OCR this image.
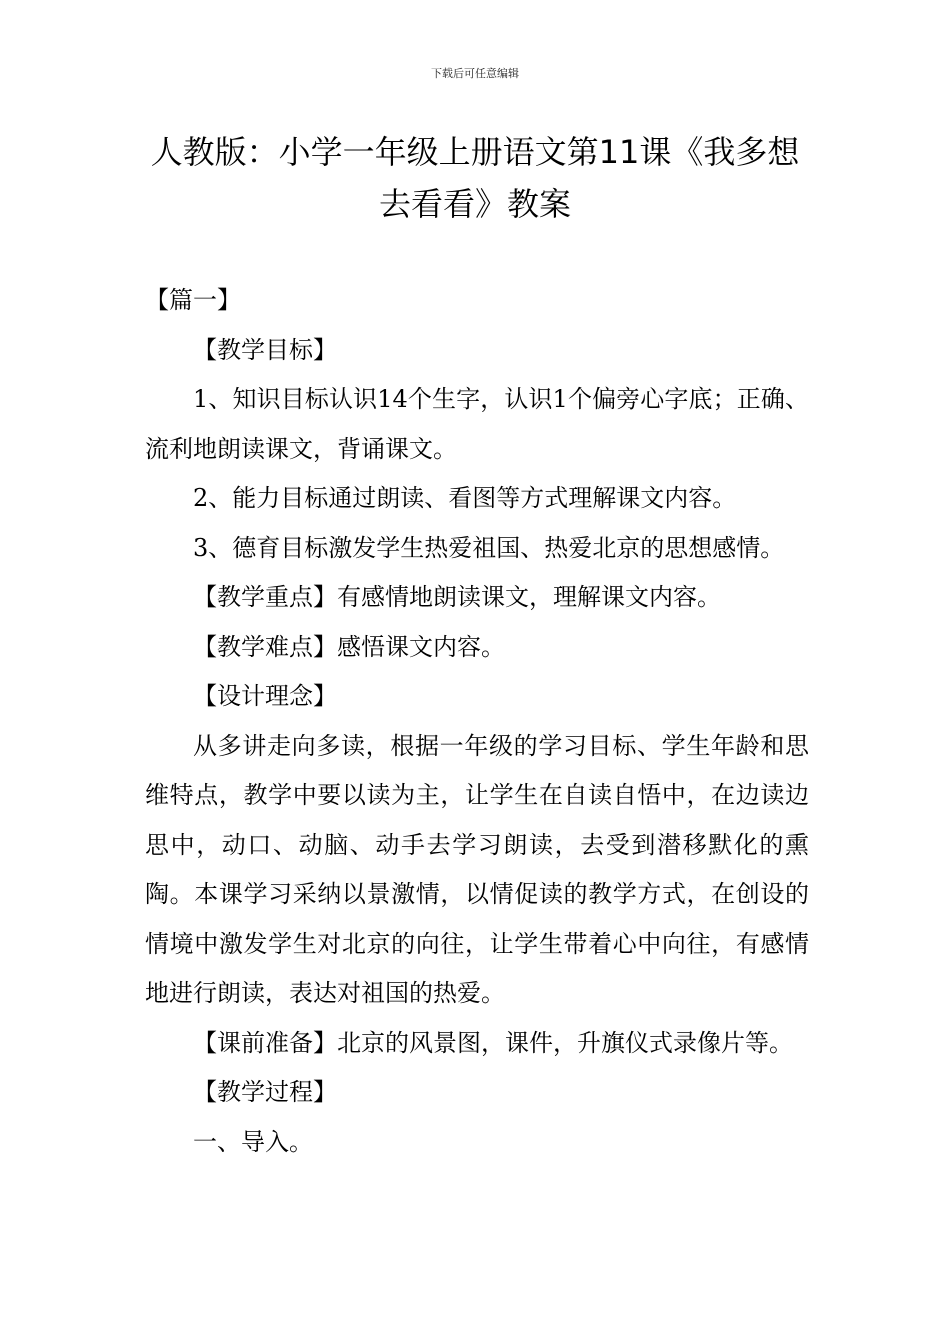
下载后可任意编辑
人教版：小学一年级上册语文第11课《我多想去看看》教案

【篇一】

【教学目标】

1、知识目标认识14个生字，认识1个偏旁心字底；正确、流利地朗读课文，背诵课文。

2、能力目标通过朗读、看图等方式理解课文内容。

3、德育目标激发学生热爱祖国、热爱北京的思想感情。

【教学重点】有感情地朗读课文，理解课文内容。

【教学难点】感悟课文内容。

【设计理念】

从多讲走向多读，根据一年级的学习目标、学生年龄和思维特点，教学中要以读为主，让学生在自读自悟中，在边读边思中，动口、动脑、动手去学习朗读，去受到潜移默化的熏陶。本课学习采纳以景激情，以情促读的教学方式，在创设的情境中激发学生对北京的向往，让学生带着心中向往，有感情地进行朗读，表达对祖国的热爱。

【课前准备】北京的风景图，课件，升旗仪式录像片等。

【教学过程】

一、导入。
